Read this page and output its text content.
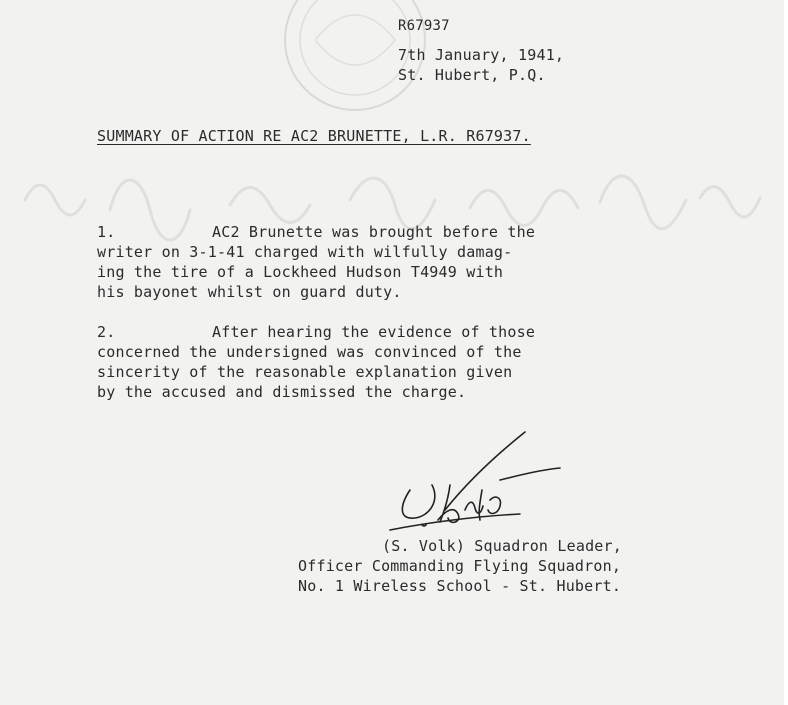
R67937
7th January, 1941,
St. Hubert, P.Q.
SUMMARY OF ACTION RE AC2 BRUNETTE, L.R. R67937.
1.	AC2 Brunette was brought before the
writer on 3-1-41 charged with wilfully damag-
ing the tire of a Lockheed Hudson T4949 with
his bayonet whilst on guard duty.
2.	After hearing the evidence of those
concerned the undersigned was convinced of the
sincerity of the reasonable explanation given
by the accused and dismissed the charge.
(S. Volk) Squadron Leader,
Officer Commanding Flying Squadron,
No. 1 Wireless School - St. Hubert.
